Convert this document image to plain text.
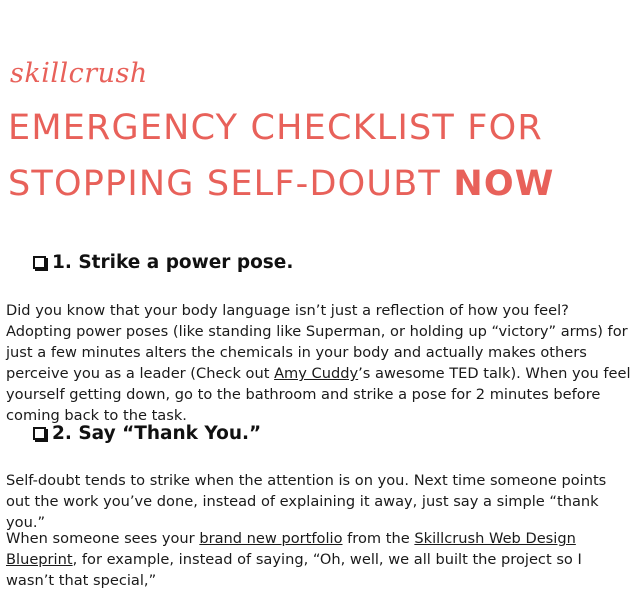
skillcrush
EMERGENCY CHECKLIST FOR
STOPPING SELF-DOUBT NOW
1. Strike a power pose.

Did you know that your body language isn’t just a reflection of how you feel? Adopting power poses (like standing like Superman, or holding up “victory” arms) for just a few minutes alters the chemicals in your body and actually makes others perceive you as a leader (Check out Amy Cuddy’s awesome TED talk). When you feel yourself getting down, go to the bathroom and strike a pose for 2 minutes before coming back to the task.

2. Say “Thank You.”

Self-doubt tends to strike when the attention is on you. Next time someone points out the work you’ve done, instead of explaining it away, just say a simple “thank you.”

When someone sees your brand new portfolio from the Skillcrush Web Design Blueprint, for example, instead of saying, “Oh, well, we all built the project so I wasn’t that special,”
